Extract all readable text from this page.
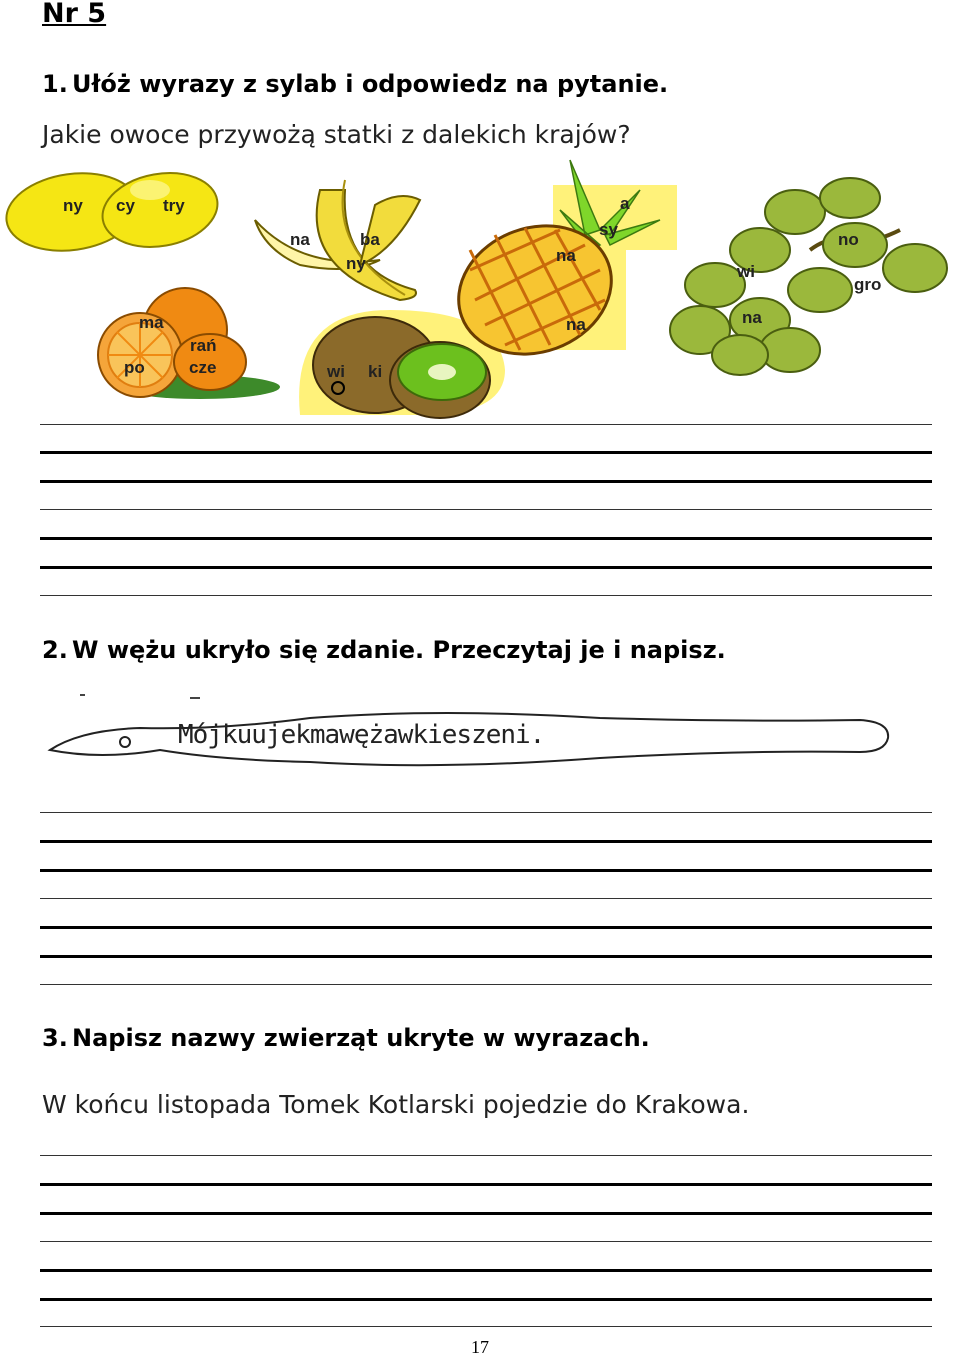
Nr 5
1. Ułóż wyrazy z sylab i odpowiedz na pytanie.
Jakie owoce przywożą statki z dalekich krajów?
ny cy try
na	ba
ny
ma
rań
po	cze	wi ki
a
sy
na
na
no
wi
gro
na
2. W wężu ukryło się zdanie. Przeczytaj je i napisz.
Mójkuujekmawężawkieszeni.
3. Napisz nazwy zwierząt ukryte w wyrazach.
W końcu listopada Tomek Kotlarski pojedzie do Krakowa.
17
